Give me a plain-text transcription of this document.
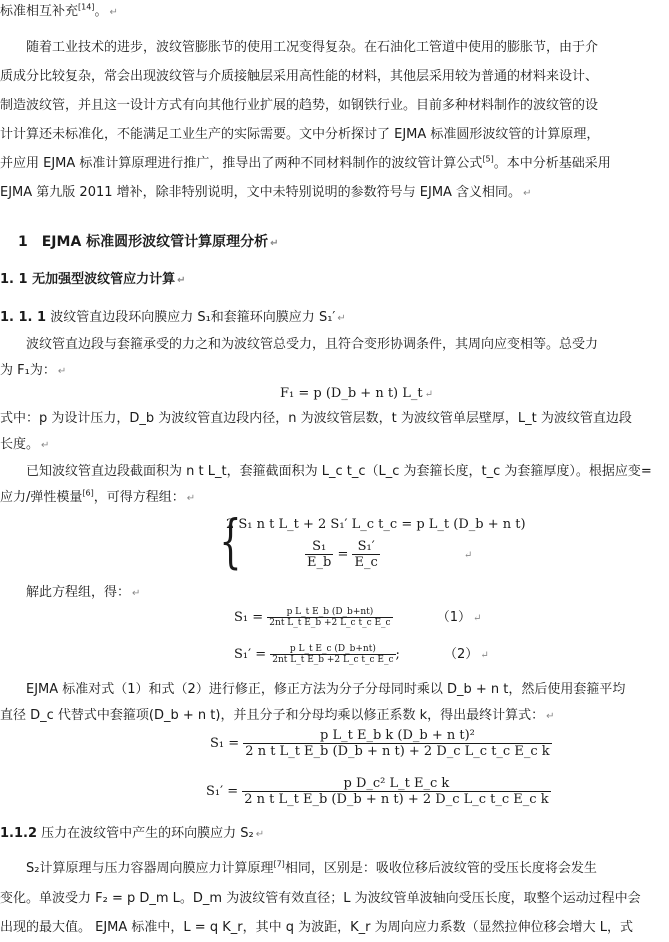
标准相互补充[14]。 ↵
　　随着工业技术的进步，波纹管膨胀节的使用工况变得复杂。在石油化工管道中使用的膨胀节，由于介
质成分比较复杂，常会出现波纹管与介质接触层采用高性能的材料，其他层采用较为普通的材料来设计、
制造波纹管，并且这一设计方式有向其他行业扩展的趋势，如钢铁行业。目前多种材料制作的波纹管的设
计计算还未标准化，不能满足工业生产的实际需要。文中分析探讨了 EJMA 标准圆形波纹管的计算原理，
并应用 EJMA 标准计算原理进行推广，推导出了两种不同材料制作的波纹管计算公式[5]。本中分析基础采用
EJMA 第九版 2011 增补，除非特别说明，文中未特别说明的参数符号与 EJMA 含义相同。 ↵
1　EJMA 标准圆形波纹管计算原理分析 ↵
1. 1 无加强型波纹管应力计算 ↵
1. 1. 1 波纹管直边段环向膜应力 S₁和套箍环向膜应力 S₁′ ↵
　　波纹管直边段与套箍承受的力之和为波纹管总受力，且符合变形协调条件，其周向应变相等。总受力
为 F₁为： ↵
F₁ = p (D_b + n t) L_t ↵
式中：p 为设计压力，D_b 为波纹管直边段内径，n 为波纹管层数，t 为波纹管单层壁厚，L_t 为波纹管直边段
长度。 ↵
　　已知波纹管直边段截面积为 n t L_t，套箍截面积为 L_c t_c（L_c 为套箍长度，t_c 为套箍厚度）。根据应变=
应力/弹性模量[6]，可得方程组： ↵
{
2 S₁ n t L_t + 2 S₁′ L_c t_c = p L_t (D_b + n t)
$\frac{\text{S₁}}{E\_b} = \frac{\text{S₁′}}{E\_c}$	↵
　　解此方程组，得： ↵
$S_1 = \frac{\text{p L\_t E\_b (D\_b+nt)}}{\text{2nt L\_t E\_b +2 L\_c t\_c E\_c}}$	（1） ↵
$S_1' = \frac{\text{p L\_t E\_c (D\_b+nt)}}{\text{2nt L\_t E\_b +2 L\_c t\_c E\_c}}$ ;	（2） ↵
　　EJMA 标准对式（1）和式（2）进行修正，修正方法为分子分母同时乘以 D_b + n t，然后使用套箍平均
直径 D_c 代替式中套箍项(D_b + n t)，并且分子和分母均乘以修正系数 k，得出最终计算式： ↵
$S_1 = \frac{\text{p L\_t E\_b k (D\_b + n t)²}}{\text{2 n t L\_t E\_b (D\_b + n t) + 2 D\_c L\_c t\_c E\_c k}}$
$S_1' = \frac{\text{p D\_c² L\_t E\_c k}}{\text{2 n t L\_t E\_b (D\_b + n t) + 2 D\_c L\_c t\_c E\_c k}}$
1.1.2 压力在波纹管中产生的环向膜应力 S₂ ↵
　　S₂计算原理与压力容器周向膜应力计算原理[7]相同，区别是：吸收位移后波纹管的受压长度将会发生
变化。单波受力 F₂ = p D_m L。D_m 为波纹管有效直径；L 为波纹管单波轴向受压长度，取整个运动过程中会
出现的最大值。 EJMA 标准中，L = q K_r，其中 q 为波距，K_r 为周向应力系数（显然拉伸位移会增大 L，式
